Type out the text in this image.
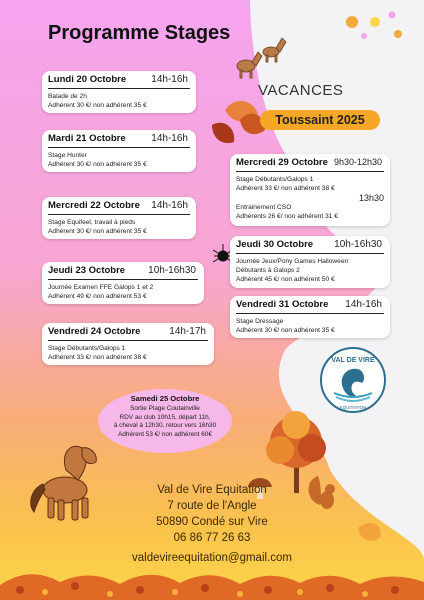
Programme Stages
VACANCES
Toussaint 2025
Lundi 20 Octobre	14h-16h
Balade de 2h
Adhérent 30 €/ non adhérent 35 €
Mardi 21 Octobre	14h-16h
Stage Hunter
Adhérent 30 €/ non adhérent 35 €
Mercredi 22 Octobre	14h-16h
Stage Equifeel, travail à pieds
Adhérent 30 €/ non adhérent 35 €
Jeudi 23 Octobre	10h-16h30
Journée Examen FFE Galops 1 et 2
Adhérent 49 €/ non adhérent 53 €
Vendredi 24 Octobre	14h-17h
Stage Débutants/Galops 1
Adhérent 33 €/ non adhérent 38 €
Mercredi 29 Octobre 9h30-12h30
Stage Débutants/Galops 1
Adhérent 33 €/ non adhérent 38 €
13h30
Entrainement CSO
Adhérents 26 €/ non adhérent 31 €
Jeudi 30 Octobre	10h-16h30
Journée Jeux/Pony Games Halloween
Débutants à Galops 2
Adhérent 45 €/ non adhérent 50 €
Vendredi 31 Octobre	14h-16h
Stage Dressage
Adhérent 30 €/ non adhérent 35 €
Samedi 25 Octobre
Sortie Plage Coutainville
RDV au club 10h15, départ 11h,
à cheval à 12h30, retour vers 16h30
Adhérent 53 €/ non adhérent 60€
VAL DE VIRE
EQUITATION
Val de Vire Equitation
7 route de l'Angle
50890 Condé sur Vire
06 86 77 26 63
valdevireequitation@gmail.com
